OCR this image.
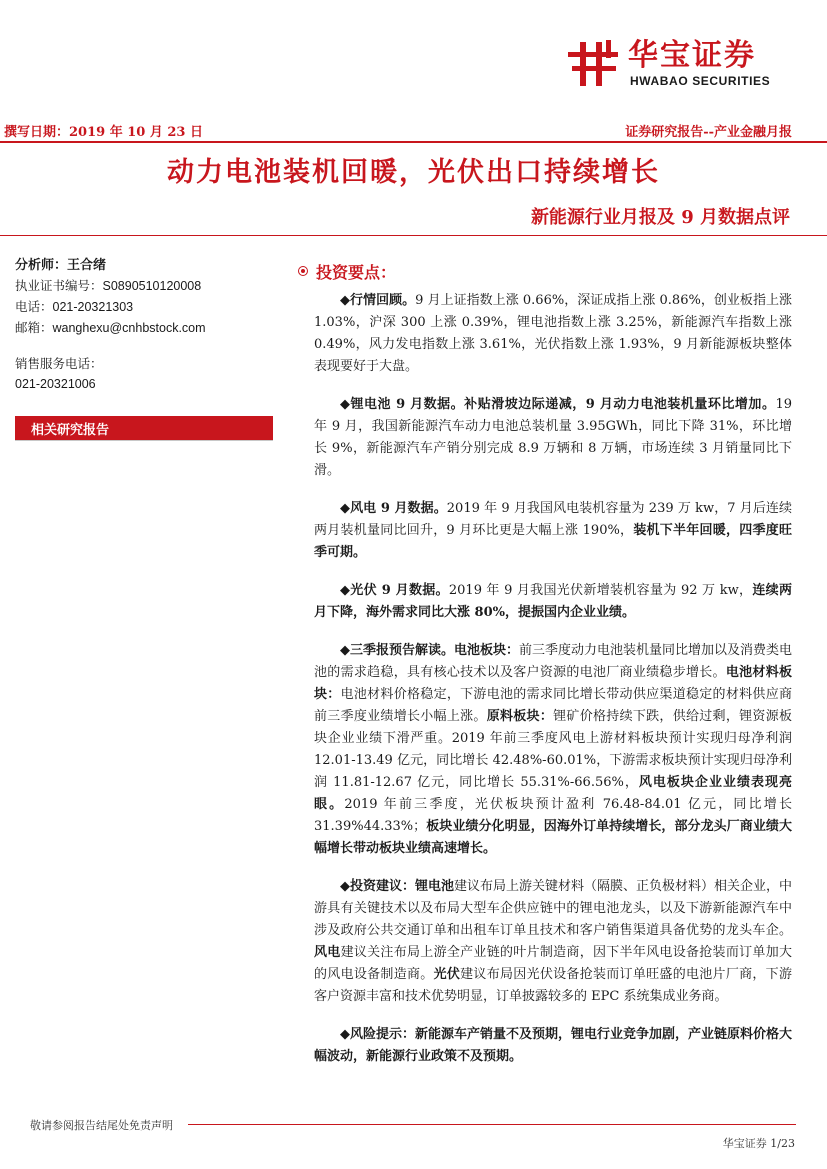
华宝证券
HWABAO SECURITIES
撰写日期：2019 年 10 月 23 日	证券研究报告--产业金融月报
动力电池装机回暖，光伏出口持续增长
新能源行业月报及 9 月数据点评
分析师：王合绪
执业证书编号：S0890510120008
电话：021-20321303
邮箱：wanghexu@cnhbstock.com
销售服务电话：
021-20321006
相关研究报告
投资要点：

◆行情回顾。9 月上证指数上涨 0.66%，深证成指上涨 0.86%，创业板指上涨 1.03%，沪深 300 上涨 0.39%，锂电池指数上涨 3.25%，新能源汽车指数上涨 0.49%，风力发电指数上涨 3.61%，光伏指数上涨 1.93%，9 月新能源板块整体表现要好于大盘。

◆锂电池 9 月数据。补贴滑坡边际递减，9 月动力电池装机量环比增加。19 年 9 月，我国新能源汽车动力电池总装机量 3.95GWh，同比下降 31%，环比增长 9%，新能源汽车产销分别完成 8.9 万辆和 8 万辆，市场连续 3 月销量同比下滑。

◆风电 9 月数据。2019 年 9 月我国风电装机容量为 239 万 kw，7 月后连续两月装机量同比回升，9 月环比更是大幅上涨 190%，装机下半年回暖，四季度旺季可期。

◆光伏 9 月数据。2019 年 9 月我国光伏新增装机容量为 92 万 kw，连续两月下降，海外需求同比大涨 80%，提振国内企业业绩。

◆三季报预告解读。电池板块：前三季度动力电池装机量同比增加以及消费类电池的需求趋稳，具有核心技术以及客户资源的电池厂商业绩稳步增长。电池材料板块：电池材料价格稳定，下游电池的需求同比增长带动供应渠道稳定的材料供应商前三季度业绩增长小幅上涨。原料板块：锂矿价格持续下跌，供给过剩，锂资源板块企业业绩下滑严重。2019 年前三季度风电上游材料板块预计实现归母净利润 12.01-13.49 亿元，同比增长 42.48%-60.01%，下游需求板块预计实现归母净利润 11.81-12.67 亿元，同比增长 55.31%-66.56%，风电板块企业业绩表现亮眼。2019 年前三季度，光伏板块预计盈利 76.48-84.01 亿元，同比增长 31.39%44.33%；板块业绩分化明显，因海外订单持续增长，部分龙头厂商业绩大幅增长带动板块业绩高速增长。

◆投资建议：锂电池建议布局上游关键材料（隔膜、正负极材料）相关企业，中游具有关键技术以及布局大型车企供应链中的锂电池龙头，以及下游新能源汽车中涉及政府公共交通订单和出租车订单且技术和客户销售渠道具备优势的龙头车企。风电建议关注布局上游全产业链的叶片制造商，因下半年风电设备抢装而订单加大的风电设备制造商。光伏建议布局因光伏设备抢装而订单旺盛的电池片厂商，下游客户资源丰富和技术优势明显，订单披露较多的 EPC 系统集成业务商。

◆风险提示：新能源车产销量不及预期，锂电行业竞争加剧，产业链原料价格大幅波动，新能源行业政策不及预期。

敬请参阅报告结尾处免责声明
华宝证券 1/23
